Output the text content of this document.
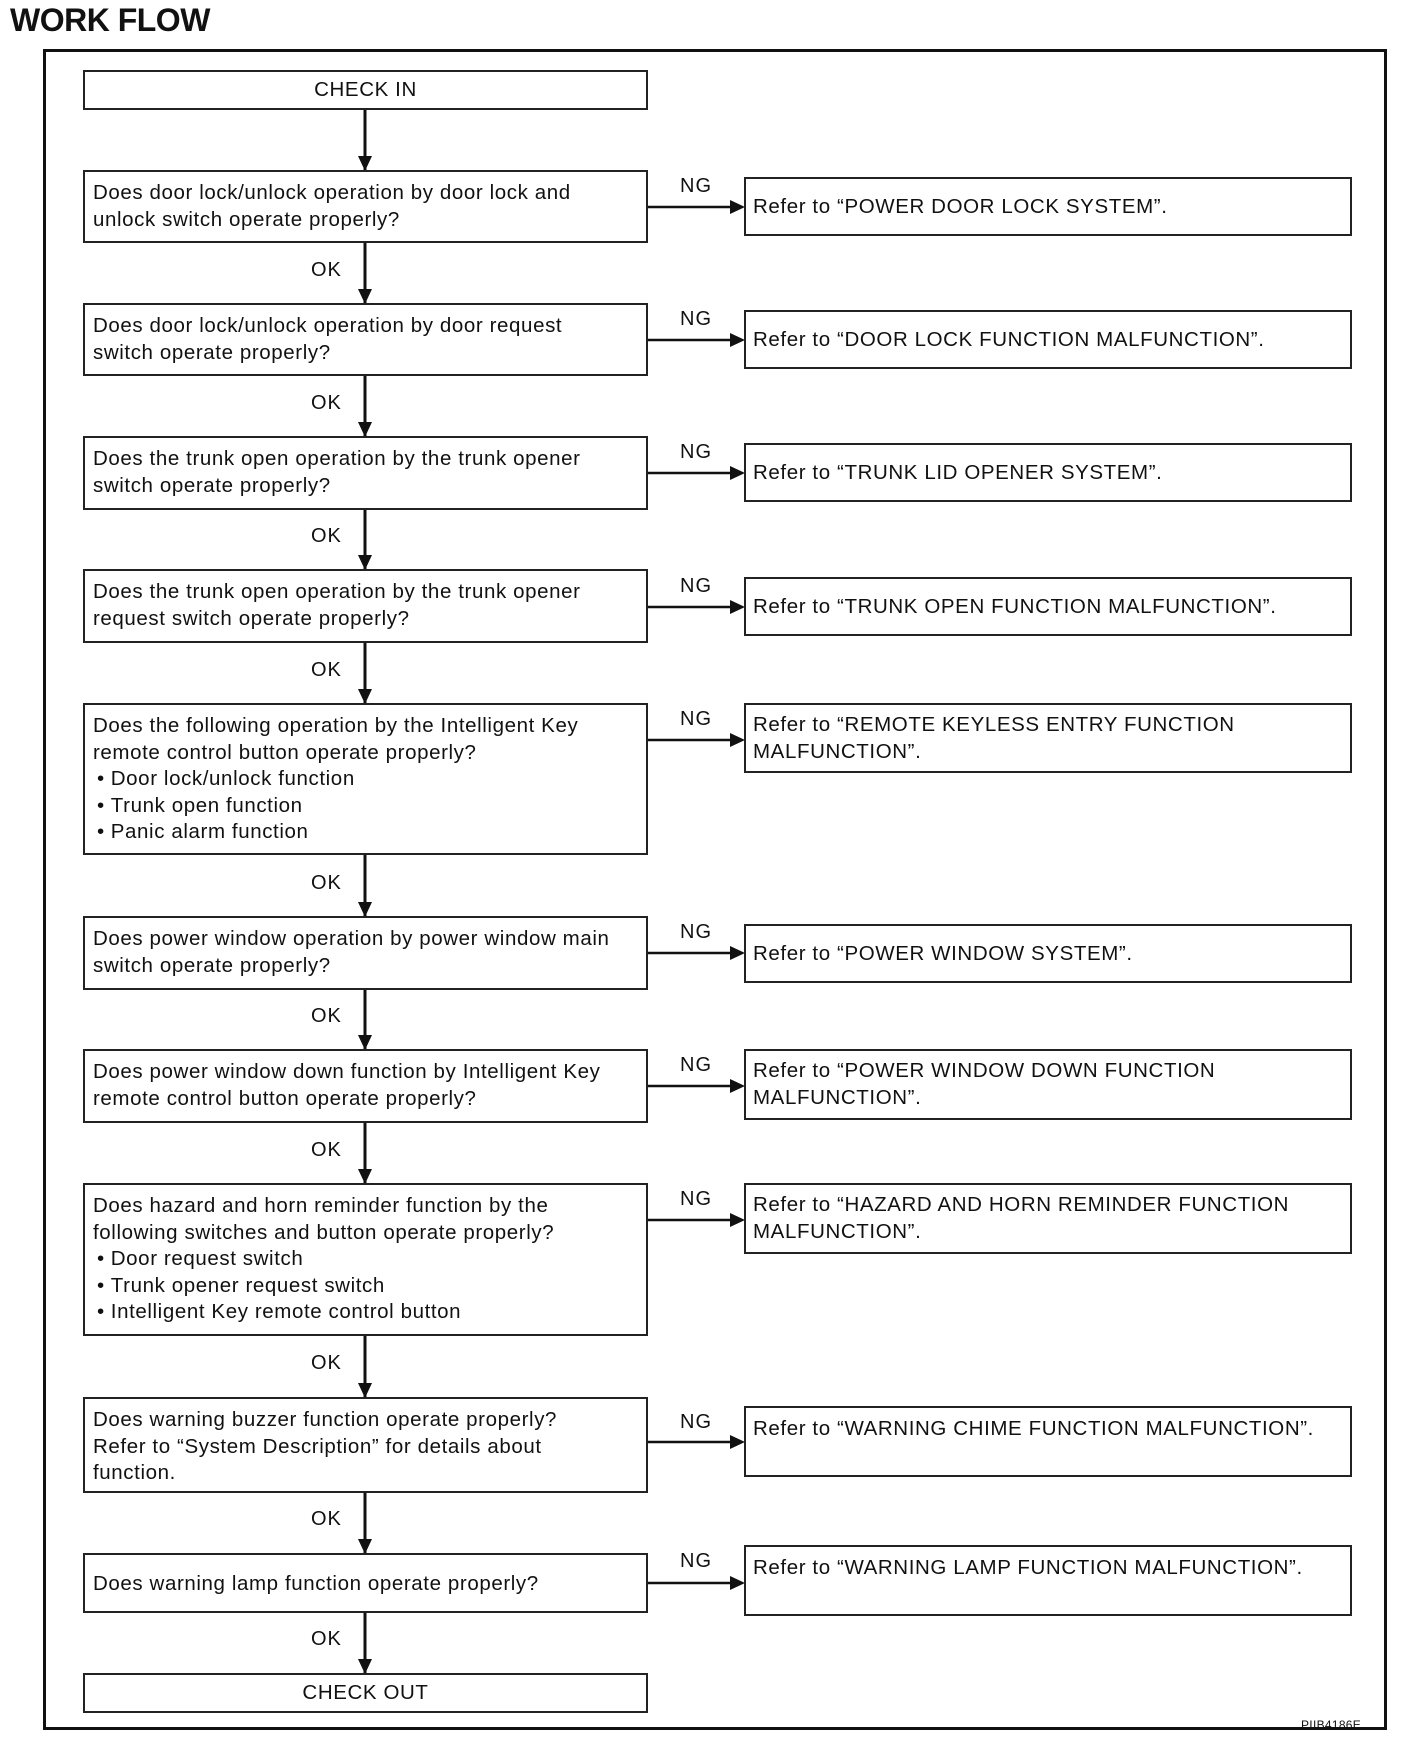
WORK FLOW
CHECK IN
CHECK OUT
Does door lock/unlock operation by door lock and
unlock switch operate properly?
Refer to “POWER DOOR LOCK SYSTEM”.
Does door lock/unlock operation by door request
switch operate properly?
Refer to “DOOR LOCK FUNCTION MALFUNCTION”.
Does the trunk open operation by the trunk opener
switch operate properly?
Refer to “TRUNK LID OPENER SYSTEM”.
Does the trunk open operation by the trunk opener
request switch operate properly?	Refer to “TRUNK OPEN FUNCTION MALFUNCTION”.
Does the following operation by the Intelligent Key
remote control button operate properly?
• Door lock/unlock function
• Trunk open function
• Panic alarm function
Refer to “REMOTE KEYLESS ENTRY FUNCTION
MALFUNCTION”.
Does power window operation by power window main
switch operate properly?	Refer to “POWER WINDOW SYSTEM”.
Does power window down function by Intelligent Key
remote control button operate properly?
Refer to “POWER WINDOW DOWN FUNCTION
MALFUNCTION”.
Does hazard and horn reminder function by the
following switches and button operate properly?
• Door request switch
• Trunk opener request switch
• Intelligent Key remote control button
Refer to “HAZARD AND HORN REMINDER FUNCTION
MALFUNCTION”.
Does warning buzzer function operate properly?
Refer to “System Description” for details about
function.
Refer to “WARNING CHIME FUNCTION MALFUNCTION”.
Does warning lamp function operate properly?
Refer to “WARNING LAMP FUNCTION MALFUNCTION”.
NG
NG
NG
NG
NG
NG
NG
NG
NG
NG
OK
OK
OK
OK
OK
OK
OK
OK
OK
OK
PIIB4186E
